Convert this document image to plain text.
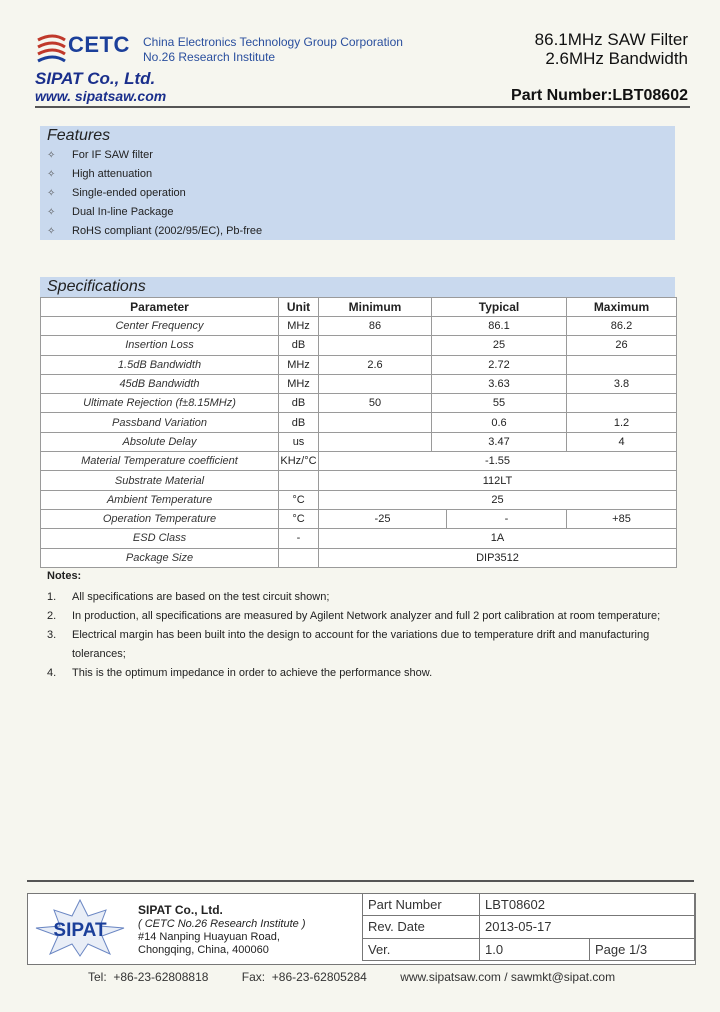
CETC China Electronics Technology Group Corporation
No.26 Research Institute
86.1MHz SAW Filter
2.6MHz Bandwidth
SIPAT Co., Ltd.
www. sipatsaw.com	Part Number:LBT08602
Features
✧ For IF SAW filter
✧ High attenuation
✧ Single-ended operation
✧ Dual In-line Package
✧ RoHS compliant (2002/95/EC), Pb-free
Specifications
Parameter	Unit	Minimum	Typical		Maximum
Center Frequency	MHz	86	86.1		86.2
Insertion Loss	dB		25		26
1.5dB Bandwidth	MHz	2.6	2.72		
45dB Bandwidth	MHz		3.63		3.8
Ultimate Rejection (f±8.15MHz)	dB	50	55		
Passband Variation	dB		0.6		1.2
Absolute Delay	us		3.47		4
Material Temperature coefficient	KHz/°C	-1.55			
Substrate Material		112LT			
Ambient Temperature	°C	25			
Operation Temperature	°C	-25		-	+85
ESD Class	-	1A			
Package Size		DIP3512			
Notes:
1.	All specifications are based on the test circuit shown;
2.	In production, all specifications are measured by Agilent Network analyzer and full 2 port calibration at room temperature;
3.	Electrical margin has been built into the design to account for the variations due to temperature drift and manufacturing tolerances;
4.	This is the optimum impedance in order to achieve the performance show.
SIPAT
SIPAT Co., Ltd.
( CETC No.26 Research Institute )
#14 Nanping Huayuan Road,
Chongqing, China, 400060
Part Number	LBT08602	
Rev. Date	2013-05-17	
Ver.	1.0	Page 1/3
Tel:  +86-23-62808818          Fax:  +86-23-62805284          www.sipatsaw.com / sawmkt@sipat.com
